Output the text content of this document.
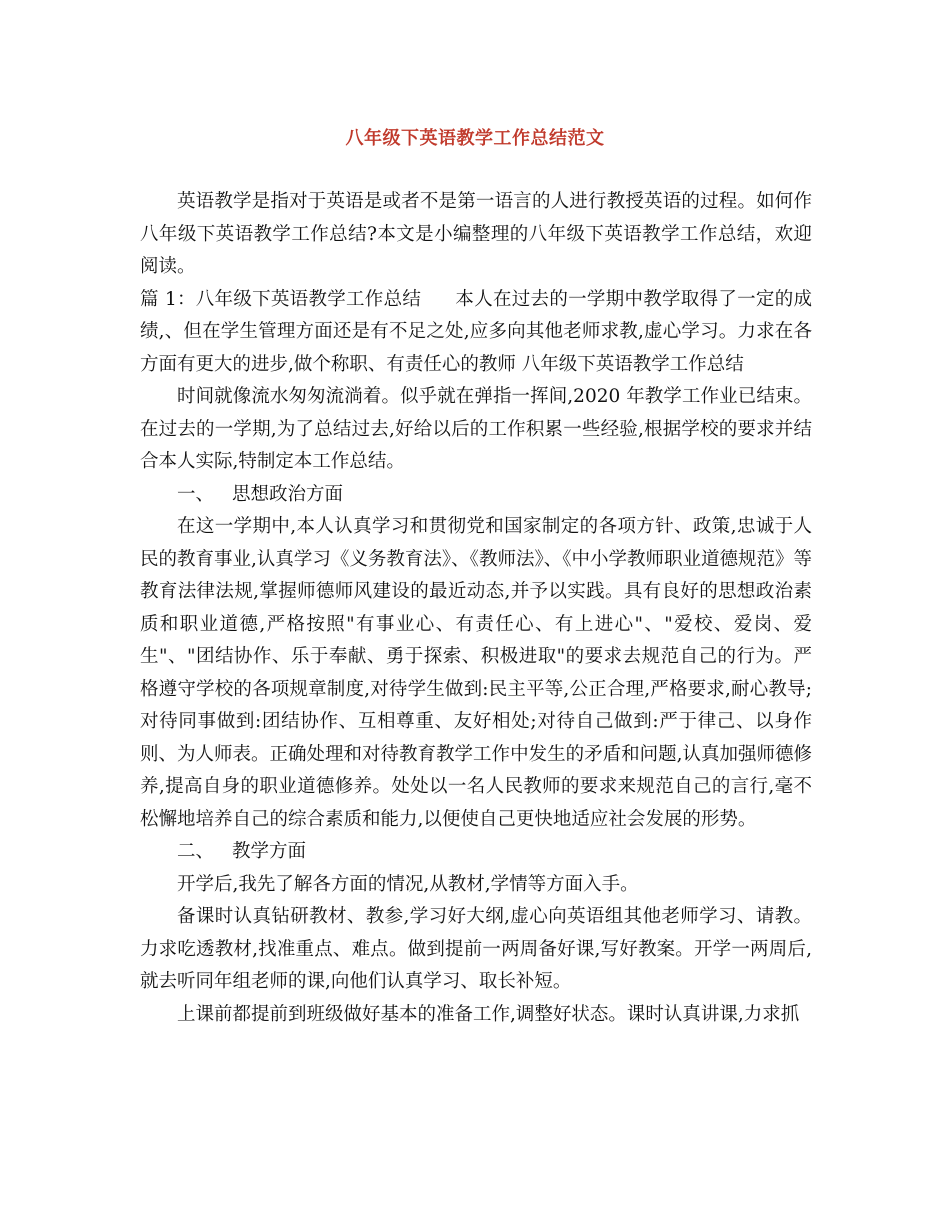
八年级下英语教学工作总结范文

英语教学是指对于英语是或者不是第一语言的人进行教授英语的过程。如何作八年级下英语教学工作总结?本文是小编整理的八年级下英语教学工作总结，欢迎阅读。

篇 1：八年级下英语教学工作总结 本人在过去的一学期中教学取得了一定的成绩,、但在学生管理方面还是有不足之处,应多向其他老师求教,虚心学习。力求在各方面有更大的进步,做个称职、有责任心的教师 八年级下英语教学工作总结

时间就像流水匆匆流淌着。似乎就在弹指一挥间,2020 年教学工作业已结束。在过去的一学期,为了总结过去,好给以后的工作积累一些经验,根据学校的要求并结合本人实际,特制定本工作总结。

一、 思想政治方面

在这一学期中,本人认真学习和贯彻党和国家制定的各项方针、政策,忠诚于人民的教育事业,认真学习《义务教育法》、《教师法》、《中小学教师职业道德规范》等教育法律法规,掌握师德师风建设的最近动态,并予以实践。具有良好的思想政治素质和职业道德,严格按照"有事业心、有责任心、有上进心"、"爱校、爱岗、爱生"、"团结协作、乐于奉献、勇于探索、积极进取"的要求去规范自己的行为。严格遵守学校的各项规章制度,对待学生做到:民主平等,公正合理,严格要求,耐心教导;对待同事做到:团结协作、互相尊重、友好相处;对待自己做到:严于律己、以身作则、为人师表。正确处理和对待教育教学工作中发生的矛盾和问题,认真加强师德修养,提高自身的职业道德修养。处处以一名人民教师的要求来规范自己的言行,毫不松懈地培养自己的综合素质和能力,以便使自己更快地适应社会发展的形势。

二、 教学方面

开学后,我先了解各方面的情况,从教材,学情等方面入手。

备课时认真钻研教材、教参,学习好大纲,虚心向英语组其他老师学习、请教。力求吃透教材,找准重点、难点。做到提前一两周备好课,写好教案。开学一两周后,就去听同年组老师的课,向他们认真学习、取长补短。

上课前都提前到班级做好基本的准备工作,调整好状态。课时认真讲课,力求抓
